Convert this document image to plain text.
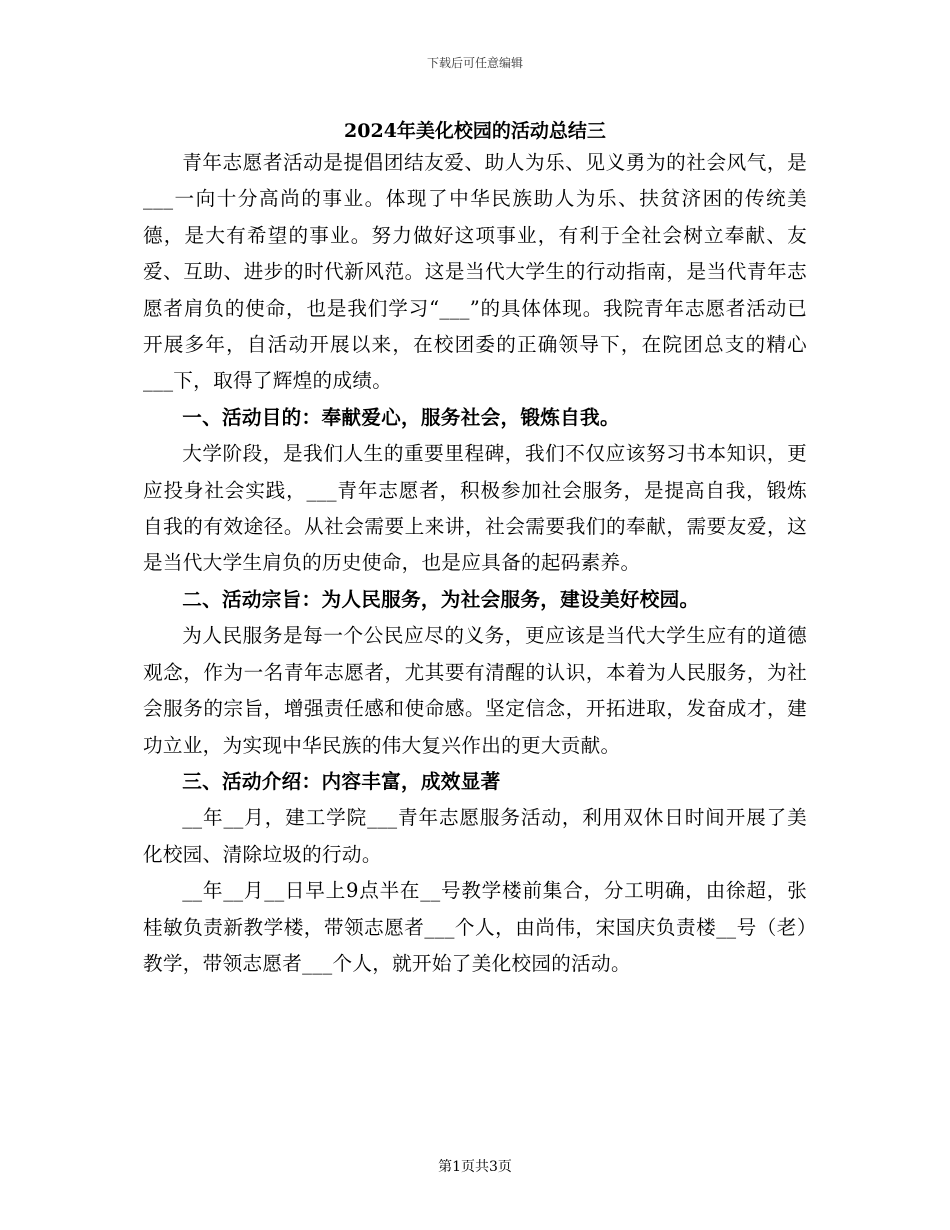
下载后可任意编辑
2024年美化校园的活动总结三

青年志愿者活动是提倡团结友爱、助人为乐、见义勇为的社会风气，是___一向十分高尚的事业。体现了中华民族助人为乐、扶贫济困的传统美德，是大有希望的事业。努力做好这项事业，有利于全社会树立奉献、友爱、互助、进步的时代新风范。这是当代大学生的行动指南，是当代青年志愿者肩负的使命，也是我们学习“___”的具体体现。我院青年志愿者活动已开展多年，自活动开展以来，在校团委的正确领导下，在院团总支的精心___下，取得了辉煌的成绩。

一、活动目的：奉献爱心，服务社会，锻炼自我。

大学阶段，是我们人生的重要里程碑，我们不仅应该努习书本知识，更应投身社会实践，___青年志愿者，积极参加社会服务，是提高自我，锻炼自我的有效途径。从社会需要上来讲，社会需要我们的奉献，需要友爱，这是当代大学生肩负的历史使命，也是应具备的起码素养。

二、活动宗旨：为人民服务，为社会服务，建设美好校园。

为人民服务是每一个公民应尽的义务，更应该是当代大学生应有的道德观念，作为一名青年志愿者，尤其要有清醒的认识，本着为人民服务，为社会服务的宗旨，增强责任感和使命感。坚定信念，开拓进取，发奋成才，建功立业，为实现中华民族的伟大复兴作出的更大贡献。

三、活动介绍：内容丰富，成效显著

__年__月，建工学院___青年志愿服务活动，利用双休日时间开展了美化校园、清除垃圾的行动。

__年__月__日早上9点半在__号教学楼前集合，分工明确，由徐超，张桂敏负责新教学楼，带领志愿者___个人，由尚伟，宋国庆负责楼__号（老）教学，带领志愿者___个人，就开始了美化校园的活动。

第1页共3页
